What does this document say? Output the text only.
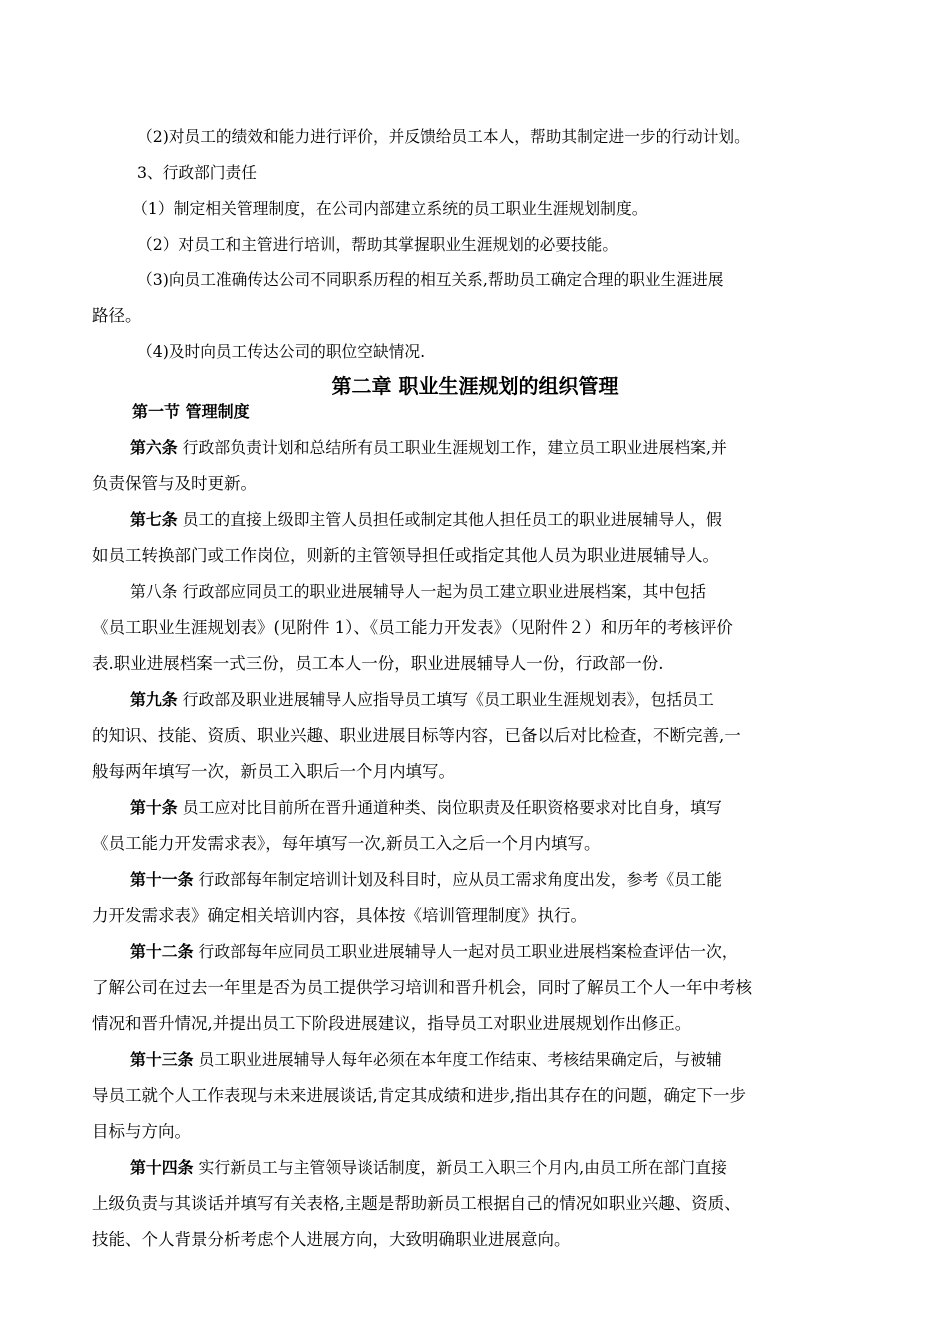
（2)对员工的绩效和能力进行评价，并反馈给员工本人，帮助其制定进一步的行动计划。
3、行政部门责任
（1）制定相关管理制度，在公司内部建立系统的员工职业生涯规划制度。
（2）对员工和主管进行培训，帮助其掌握职业生涯规划的必要技能。
（3)向员工准确传达公司不同职系历程的相互关系,帮助员工确定合理的职业生涯进展
路径。
（4)及时向员工传达公司的职位空缺情况.
第二章 职业生涯规划的组织管理
第一节 管理制度
第六条 行政部负责计划和总结所有员工职业生涯规划工作，建立员工职业进展档案,并
负责保管与及时更新。
第七条 员工的直接上级即主管人员担任或制定其他人担任员工的职业进展辅导人，假
如员工转换部门或工作岗位，则新的主管领导担任或指定其他人员为职业进展辅导人。
第八条 行政部应同员工的职业进展辅导人一起为员工建立职业进展档案，其中包括
《员工职业生涯规划表》(见附件 1）、《员工能力开发表》（见附件２）和历年的考核评价
表.职业进展档案一式三份，员工本人一份，职业进展辅导人一份，行政部一份.
第九条 行政部及职业进展辅导人应指导员工填写《员工职业生涯规划表》，包括员工
的知识、技能、资质、职业兴趣、职业进展目标等内容，已备以后对比检查，不断完善,一
般每两年填写一次，新员工入职后一个月内填写。
第十条 员工应对比目前所在晋升通道种类、岗位职责及任职资格要求对比自身，填写
《员工能力开发需求表》，每年填写一次,新员工入之后一个月内填写。
第十一条 行政部每年制定培训计划及科目时，应从员工需求角度出发，参考《员工能
力开发需求表》确定相关培训内容，具体按《培训管理制度》执行。
第十二条 行政部每年应同员工职业进展辅导人一起对员工职业进展档案检查评估一次，
了解公司在过去一年里是否为员工提供学习培训和晋升机会，同时了解员工个人一年中考核
情况和晋升情况,并提出员工下阶段进展建议，指导员工对职业进展规划作出修正。
第十三条 员工职业进展辅导人每年必须在本年度工作结束、考核结果确定后，与被辅
导员工就个人工作表现与未来进展谈话,肯定其成绩和进步,指出其存在的问题，确定下一步
目标与方向。
第十四条 实行新员工与主管领导谈话制度，新员工入职三个月内,由员工所在部门直接
上级负责与其谈话并填写有关表格,主题是帮助新员工根据自己的情况如职业兴趣、资质、
技能、个人背景分析考虑个人进展方向，大致明确职业进展意向。
